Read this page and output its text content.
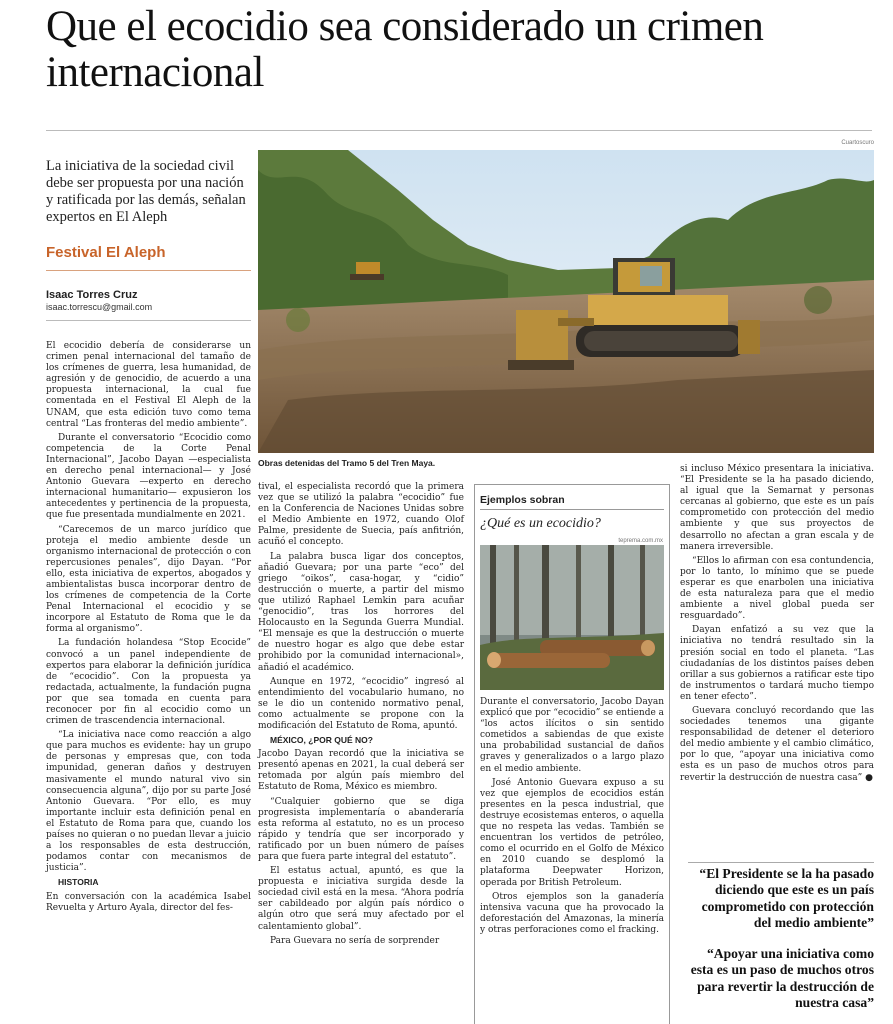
Que el ecocidio sea considerado un crimen internacional

La iniciativa de la sociedad civil debe ser propuesta por una nación y ratificada por las demás, señalan expertos en El Aleph

Festival El Aleph

Isaac Torres Cruz

isaac.torrescu@gmail.com

Cuartoscuro

Obras detenidas del Tramo 5 del Tren Maya.

El ecocidio debería de considerarse un crimen penal internacional del tamaño de los crímenes de guerra, lesa humanidad, de agresión y de genocidio, de acuerdo a una propuesta internacional, la cual fue comentada en el Festival El Aleph de la UNAM, que esta edición tuvo como tema central “Las fronteras del medio ambiente”.

Durante el conversatorio “Ecocidio como competencia de la Corte Penal Internacional”, Jacobo Dayan —especialista en derecho penal internacional— y José Antonio Guevara —experto en derecho internacional humanitario— expusieron los antecedentes y pertinencia de la propuesta, que fue presentada mundialmente en 2021.

“Carecemos de un marco jurídico que proteja el medio ambiente desde un organismo internacional de protección o con repercusiones penales”, dijo Dayan. “Por ello, esta iniciativa de expertos, abogados y ambientalistas busca incorporar dentro de los crímenes de competencia de la Corte Penal Internacional el ecocidio y se incorpore al Estatuto de Roma que le da forma al organismo”.

La fundación holandesa “Stop Ecocide” convocó a un panel independiente de expertos para elaborar la definición jurídica de “ecocidio”. Con la propuesta ya redactada, actualmente, la fundación pugna por que sea tomada en cuenta para reconocer por fin al ecocidio como un crimen de trascendencia internacional.

“La iniciativa nace como reacción a algo que para muchos es evidente: hay un grupo de personas y empresas que, con toda impunidad, generan daños y destruyen masivamente el mundo natural vivo sin consecuencia alguna”, dijo por su parte José Antonio Guevara. “Por ello, es muy importante incluir esta definición penal en el Estatuto de Roma para que, cuando los países no quieran o no puedan llevar a juicio a los responsables de esta destrucción, podamos contar con mecanismos de justicia”.

HISTORIA

En conversación con la académica Isabel Revuelta y Arturo Ayala, director del fes-

tival, el especialista recordó que la primera vez que se utilizó la palabra “ecocidio” fue en la Conferencia de Naciones Unidas sobre el Medio Ambiente en 1972, cuando Olof Palme, presidente de Suecia, país anfitrión, acuñó el concepto.

La palabra busca ligar dos conceptos, añadió Guevara; por una parte “eco” del griego “oikos”, casa-hogar, y “cidio” destrucción o muerte, a partir del mismo que utilizó Raphael Lemkin para acuñar “genocidio”, tras los horrores del Holocausto en la Segunda Guerra Mundial. “El mensaje es que la destrucción o muerte de nuestro hogar es algo que debe estar prohibido por la comunidad internacional», añadió el académico.

Aunque en 1972, “ecocidio” ingresó al entendimiento del vocabulario humano, no se le dio un contenido normativo penal, como actualmente se propone con la modificación del Estatuto de Roma, apuntó.

MÉXICO, ¿POR QUÉ NO?

Jacobo Dayan recordó que la iniciativa se presentó apenas en 2021, la cual deberá ser retomada por algún país miembro del Estatuto de Roma, México es miembro.

“Cualquier gobierno que se diga progresista implementaría o abanderaría esta reforma al estatuto, no es un proceso rápido y tendría que ser incorporado y ratificado por un buen número de países para que fuera parte integral del estatuto”.

El estatus actual, apuntó, es que la propuesta e iniciativa surgida desde la sociedad civil está en la mesa. “Ahora podría ser cabildeado por algún país nórdico o algún otro que será muy afectado por el calentamiento global”.

Para Guevara no sería de sorprender

Ejemplos sobran

¿Qué es un ecocidio?

teprema.com.mx

Durante el conversatorio, Jacobo Dayan explicó que por “ecocidio” se entiende a “los actos ilícitos o sin sentido cometidos a sabiendas de que existe una probabilidad sustancial de daños graves y generalizados o a largo plazo en el medio ambiente.

José Antonio Guevara expuso a su vez que ejemplos de ecocidios están presentes en la pesca industrial, que destruye ecosistemas enteros, o aquella que no respeta las vedas. También se encuentran los vertidos de petróleo, como el ocurrido en el Golfo de México en 2010 cuando se desplomó la plataforma Deepwater Horizon, operada por British Petroleum.

Otros ejemplos son la ganadería intensiva vacuna que ha provocado la deforestación del Amazonas, la minería y otras perforaciones como el fracking.

si incluso México presentara la iniciativa. “El Presidente se la ha pasado diciendo, al igual que la Semarnat y personas cercanas al gobierno, que este es un país comprometido con protección del medio ambiente y que sus proyectos de desarrollo no afectan a gran escala y de manera irreversible.

“Ellos lo afirman con esa contundencia, por lo tanto, lo mínimo que se puede esperar es que enarbolen una iniciativa de esta naturaleza para que el medio ambiente a nivel global pueda ser resguardado”.

Dayan enfatizó a su vez que la iniciativa no tendrá resultado sin la presión social en todo el planeta. “Las ciudadanías de los distintos países deben orillar a sus gobiernos a ratificar este tipo de instrumentos o tardará mucho tiempo en tener efecto”.

Guevara concluyó recordando que las sociedades tenemos una gigante responsabilidad de detener el deterioro del medio ambiente y el cambio climático, por lo que, “apoyar una iniciativa como esta es un paso de muchos otros para revertir la destrucción de nuestra casa” ●

“El Presidente se la ha pasado diciendo que este es un país comprometido con protección del medio ambiente”

“Apoyar una iniciativa como esta es un paso de muchos otros para revertir la destrucción de nuestra casa”
